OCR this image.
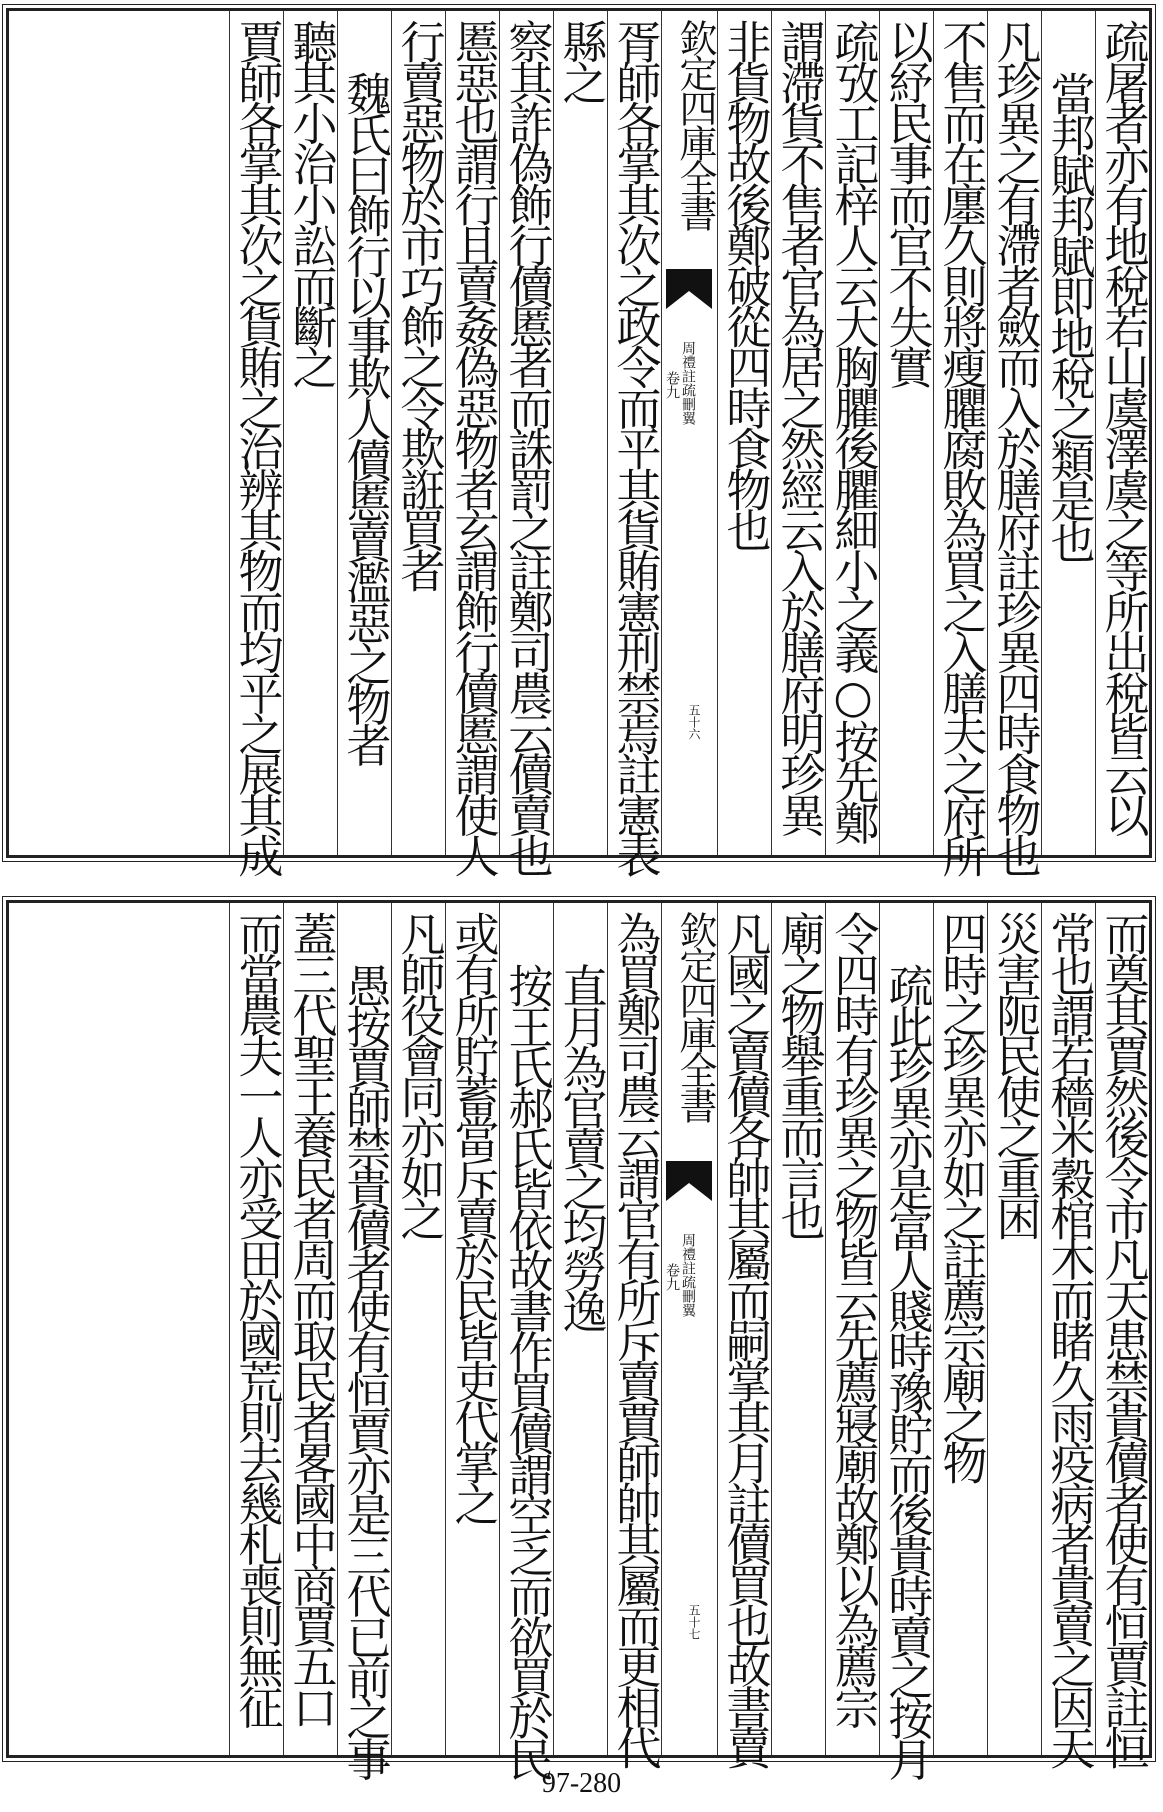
疏屠者亦有地稅若山虞澤虞之等所出稅皆云以
當邦賦邦賦即地稅之類是也
凡珍異之有滯者斂而入於膳府註珍異四時食物也
不售而在廛久則將瘦臞腐敗為買之入膳夫之府所
以紓民事而官不失實
疏攷工記梓人云大胸臞後臞細小之義○按先鄭
謂滯貨不售者官為居之然經云入於膳府明珍異
非貨物故後鄭破從四時食物也
欽定四庫全書
周禮註疏刪翼
卷九
五十六
胥師各掌其次之政令而平其貨賄憲刑禁焉註憲表
縣之
察其詐偽飾行儥慝者而誅罰之註鄭司農云儥賣也
慝惡也謂行且賣姦偽惡物者玄謂飾行儥慝謂使人
行賣惡物於市巧飾之令欺誑買者
魏氏曰飾行以事欺人儥慝賣濫惡之物者
聽其小治小訟而斷之
賈師各掌其次之貨賄之治辨其物而均平之展其成
而奠其賈然後令市凡天患禁貴儥者使有恒賈註恒
常也謂若穡米穀棺木而睹久雨疫病者貴賣之因天
災害阨民使之重困
四時之珍異亦如之註薦宗廟之物
疏此珍異亦是富人賤時豫貯而後貴時賣之按月
令四時有珍異之物皆云先薦寢廟故鄭以為薦宗
廟之物舉重而言也
凡國之賣儥各帥其屬而嗣掌其月註儥買也故書賣
欽定四庫全書
周禮註疏刪翼
卷九
五十七
為買鄭司農云謂官有所斥賣賈師帥其屬而更相代
直月為官賣之均勞逸
按王氏郝氏皆依故書作買儥謂空乏而欲買於民
或有所貯蓄當斥賣於民皆吏代掌之
凡師役會同亦如之
愚按賈師禁貴儥者使有恒賈亦是三代已前之事
蓋三代聖王養民者周而取民者畧國中商賈五口
而當農夫一人亦受田於國荒則去幾札喪則無征
97-280
